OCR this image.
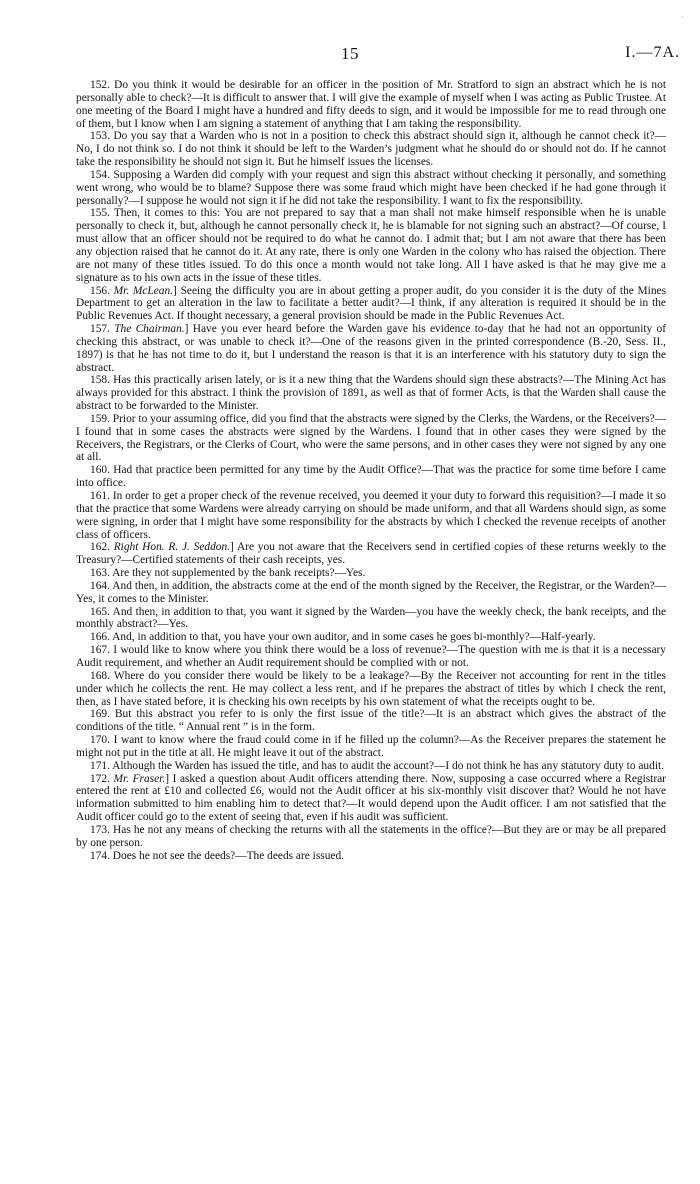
·
15	I.—7A.

152. Do you think it would be desirable for an officer in the position of Mr. Stratford to sign an abstract which he is not personally able to check?—It is difficult to answer that. I will give the example of myself when I was acting as Public Trustee. At one meeting of the Board I might have a hundred and fifty deeds to sign, and it would be impossible for me to read through one of them, but I know when I am signing a statement of anything that I am taking the responsibility.

153. Do you say that a Warden who is not in a position to check this abstract should sign it, although he cannot check it?—No, I do not think so. I do not think it should be left to the Warden’s judgment what he should do or should not do. If he cannot take the responsibility he should not sign it. But he himself issues the licenses.

154. Supposing a Warden did comply with your request and sign this abstract without checking it personally, and something went wrong, who would be to blame? Suppose there was some fraud which might have been checked if he had gone through it personally?—I suppose he would not sign it if he did not take the responsibility. I want to fix the responsibility.

155. Then, it comes to this: You are not prepared to say that a man shall not make himself responsible when he is unable personally to check it, but, although he cannot personally check it, he is blamable for not signing such an abstract?—Of course, I must allow that an officer should not be required to do what he cannot do. I admit that; but I am not aware that there has been any objection raised that he cannot do it. At any rate, there is only one Warden in the colony who has raised the objection. There are not many of these titles issued. To do this once a month would not take long. All I have asked is that he may give me a signature as to his own acts in the issue of these titles.

156. Mr. McLean.] Seeing the difficulty you are in about getting a proper audit, do you consider it is the duty of the Mines Department to get an alteration in the law to facilitate a better audit?—I think, if any alteration is required it should be in the Public Revenues Act. If thought necessary, a general provision should be made in the Public Revenues Act.

157. The Chairman.] Have you ever heard before the Warden gave his evidence to-day that he had not an opportunity of checking this abstract, or was unable to check it?—One of the reasons given in the printed correspondence (B.-20, Sess. II., 1897) is that he has not time to do it, but I understand the reason is that it is an interference with his statutory duty to sign the abstract.

158. Has this practically arisen lately, or is it a new thing that the Wardens should sign these abstracts?—The Mining Act has always provided for this abstract. I think the provision of 1891, as well as that of former Acts, is that the Warden shall cause the abstract to be forwarded to the Minister.

159. Prior to your assuming office, did you find that the abstracts were signed by the Clerks, the Wardens, or the Receivers?—I found that in some cases the abstracts were signed by the Wardens. I found that in other cases they were signed by the Receivers, the Registrars, or the Clerks of Court, who were the same persons, and in other cases they were not signed by any one at all.

160. Had that practice been permitted for any time by the Audit Office?—That was the practice for some time before I came into office.

161. In order to get a proper check of the revenue received, you deemed it your duty to forward this requisition?—I made it so that the practice that some Wardens were already carrying on should be made uniform, and that all Wardens should sign, as some were signing, in order that I might have some responsibility for the abstracts by which I checked the revenue receipts of another class of officers.

162. Right Hon. R. J. Seddon.] Are you not aware that the Receivers send in certified copies of these returns weekly to the Treasury?—Certified statements of their cash receipts, yes.

163. Are they not supplemented by the bank receipts?—Yes.

164. And then, in addition, the abstracts come at the end of the month signed by the Receiver, the Registrar, or the Warden?—Yes, it comes to the Minister.

165. And then, in addition to that, you want it signed by the Warden—you have the weekly check, the bank receipts, and the monthly abstract?—Yes.

166. And, in addition to that, you have your own auditor, and in some cases he goes bi-monthly?—Half-yearly.

167. I would like to know where you think there would be a loss of revenue?—The question with me is that it is a necessary Audit requirement, and whether an Audit requirement should be complied with or not.

168. Where do you consider there would be likely to be a leakage?—By the Receiver not accounting for rent in the titles under which he collects the rent. He may collect a less rent, and if he prepares the abstract of titles by which I check the rent, then, as I have stated before, it is checking his own receipts by his own statement of what the receipts ought to be.

169. But this abstract you refer to is only the first issue of the title?—It is an abstract which gives the abstract of the conditions of the title. “ Annual rent ” is in the form.

170. I want to know where the fraud could come in if he filled up the column?—As the Receiver prepares the statement he might not put in the title at all. He might leave it out of the abstract.

171. Although the Warden has issued the title, and has to audit the account?—I do not think he has any statutory duty to audit.

172. Mr. Fraser.] I asked a question about Audit officers attending there. Now, supposing a case occurred where a Registrar entered the rent at £10 and collected £6, would not the Audit officer at his six-monthly visit discover that? Would he not have information submitted to him enabling him to detect that?—It would depend upon the Audit officer. I am not satisfied that the Audit officer could go to the extent of seeing that, even if his audit was sufficient.

173. Has he not any means of checking the returns with all the statements in the office?—But they are or may be all prepared by one person.

174. Does he not see the deeds?—The deeds are issued.
